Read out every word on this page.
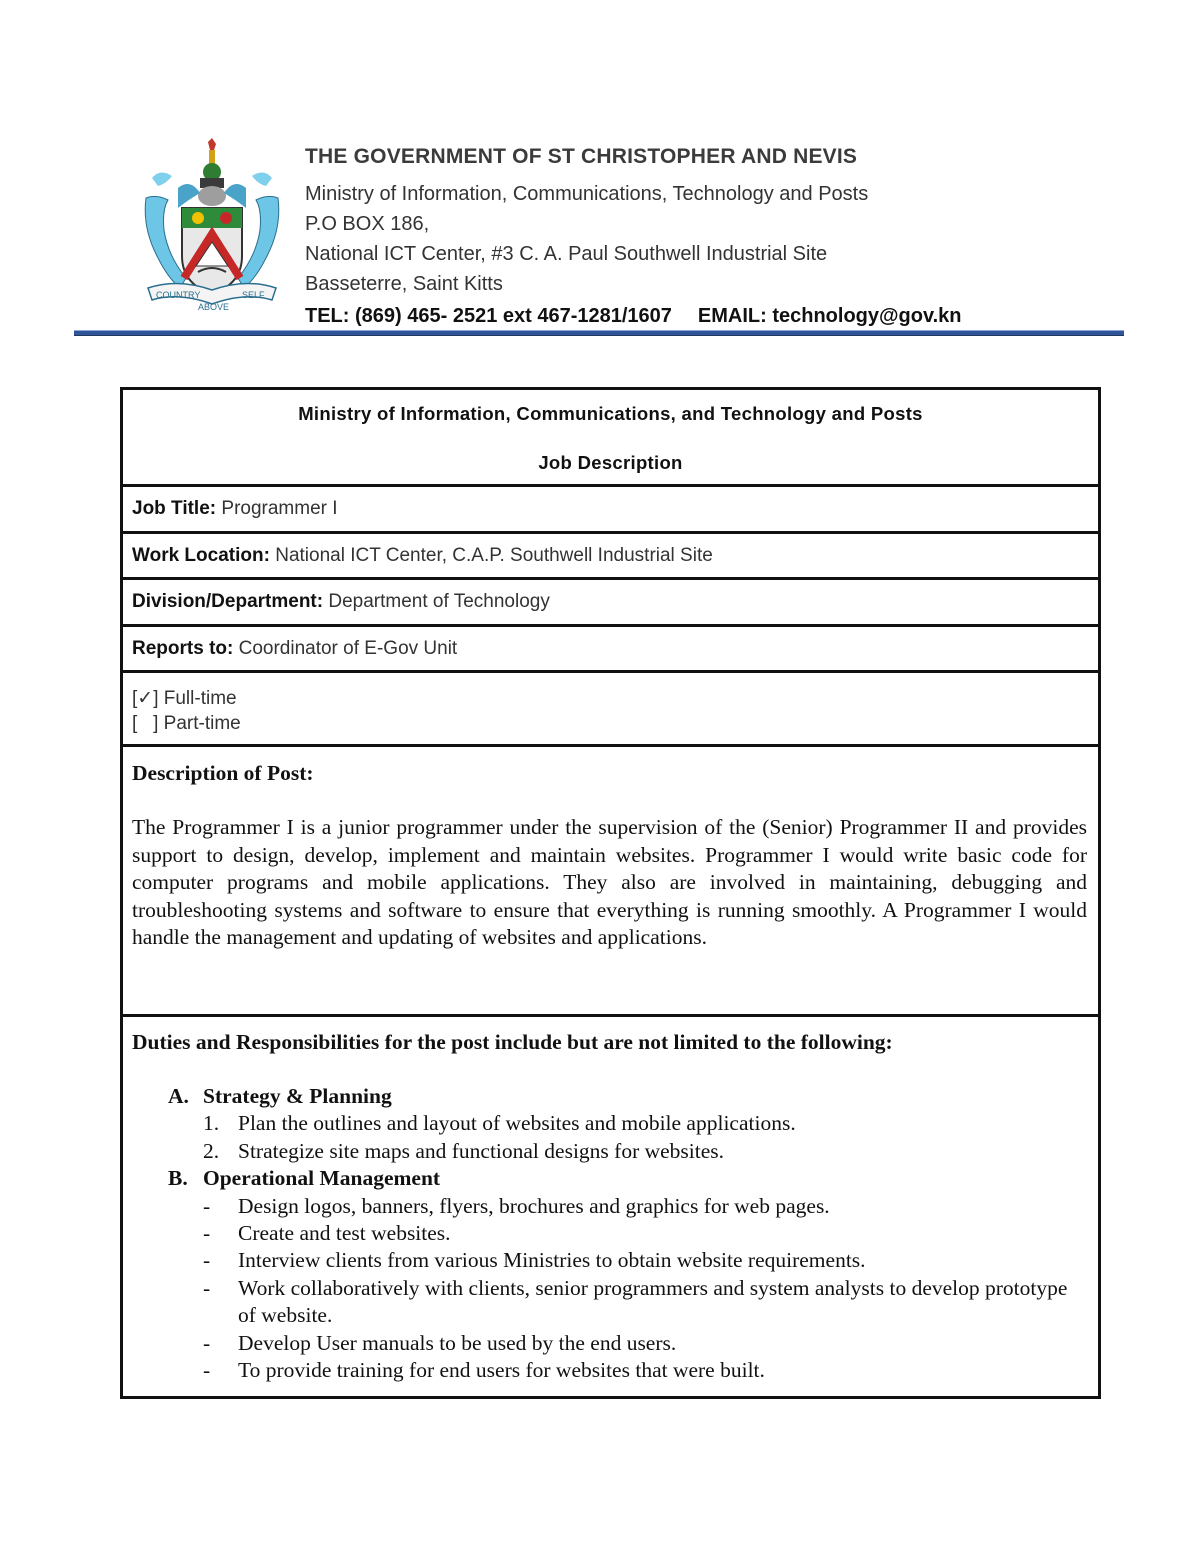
COUNTRY	SELF
ABOVE
THE GOVERNMENT OF ST CHRISTOPHER AND NEVIS
Ministry of Information, Communications, Technology and Posts
P.O BOX 186,
National ICT Center, #3 C. A. Paul Southwell Industrial Site
Basseterre, Saint Kitts
TEL: (869) 465- 2521 ext 467-1281/1607 EMAIL: technology@gov.kn
Ministry of Information, Communications, and Technology and Posts
Job Description
Job Title: Programmer I
Work Location: National ICT Center, C.A.P. Southwell Industrial Site
Division/Department: Department of Technology
Reports to: Coordinator of E-Gov Unit
[✓] Full-time
[   ] Part-time
Description of Post:
The Programmer I is a junior programmer under the supervision of the (Senior) Programmer II and provides support to design, develop, implement and maintain websites. Programmer I would write basic code for computer programs and mobile applications. They also are involved in maintaining, debugging and troubleshooting systems and software to ensure that everything is running smoothly. A Programmer I would handle the management and updating of websites and applications.
Duties and Responsibilities for the post include but are not limited to the following:
A. Strategy & Planning
1. Plan the outlines and layout of websites and mobile applications.
2. Strategize site maps and functional designs for websites.
B. Operational Management
-	Design logos, banners, flyers, brochures and graphics for web pages.
-	Create and test websites.
-	Interview clients from various Ministries to obtain website requirements.
-	Work collaboratively with clients, senior programmers and system analysts to develop prototype of website.
-	Develop User manuals to be used by the end users.
-	To provide training for end users for websites that were built.
